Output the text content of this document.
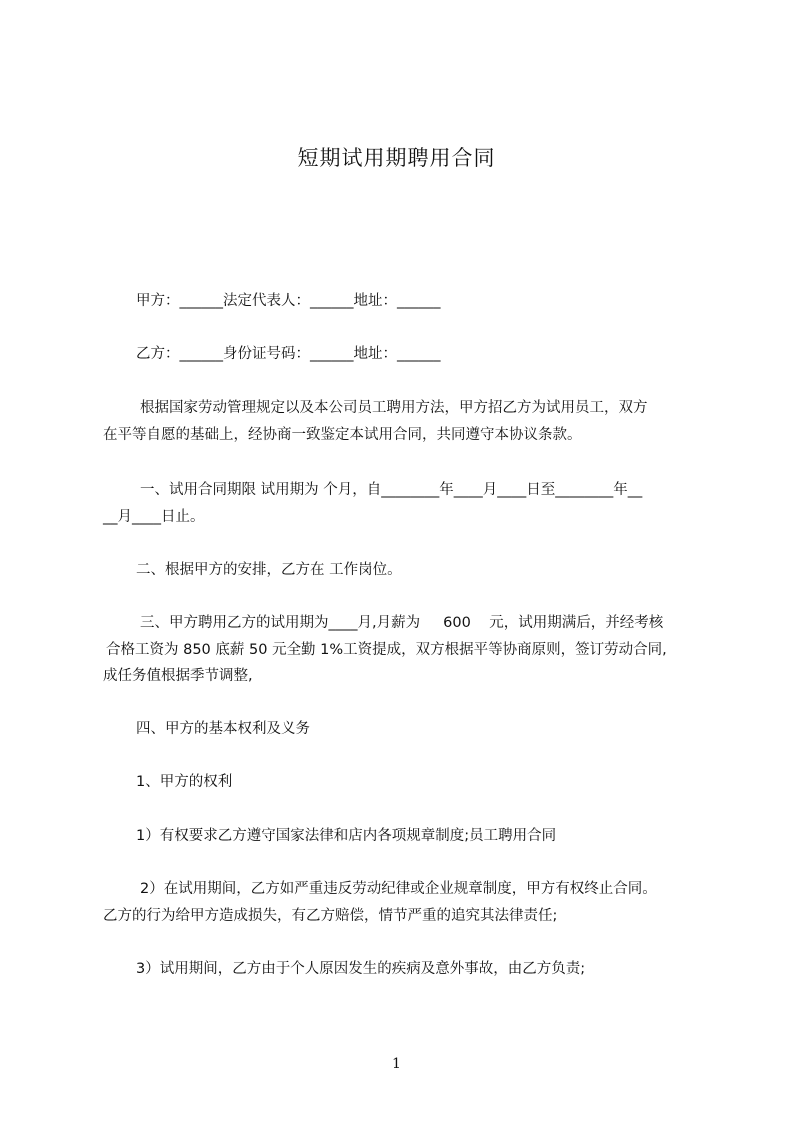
短期试用期聘用合同

甲方：______法定代表人：______地址：______

乙方：______身份证号码：______地址：______

根据国家劳动管理规定以及本公司员工聘用方法，甲方招乙方为试用员工，双方

在平等自愿的基础上，经协商一致鉴定本试用合同，共同遵守本协议条款。

一、试用合同期限 试用期为 个月，自________年____月____日至________年__

__月____日止。

二、根据甲方的安排，乙方在 工作岗位。

三、甲方聘用乙方的试用期为____月,月薪为     600    元，试用期满后，并经考核

合格工资为 850 底薪 50 元全勤 1%工资提成，双方根据平等协商原则，签订劳动合同,

成任务值根据季节调整,

四、甲方的基本权利及义务

1、甲方的权利

1）有权要求乙方遵守国家法律和店内各项规章制度;员工聘用合同

2）在试用期间，乙方如严重违反劳动纪律或企业规章制度，甲方有权终止合同。

乙方的行为给甲方造成损失，有乙方赔偿，情节严重的追究其法律责任;

3）试用期间，乙方由于个人原因发生的疾病及意外事故，由乙方负责;

1
